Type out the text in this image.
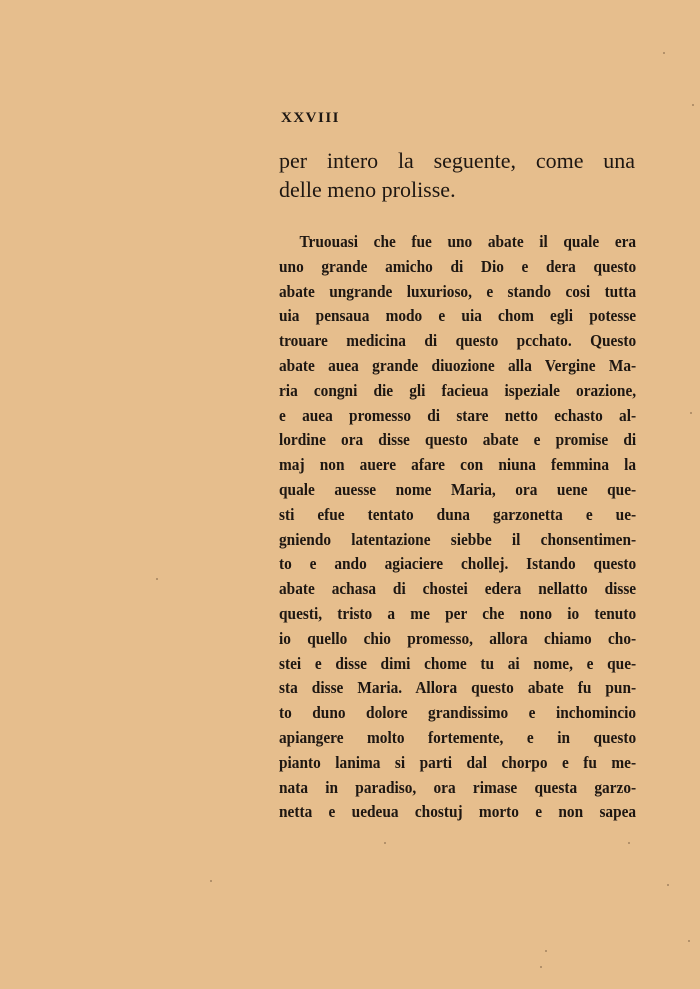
XXVIII
per intero la seguente, come una
delle meno prolisse.
Truouasi che fue uno abate il quale era
uno grande amicho di Dio e dera questo
abate ungrande luxurioso, e standо cosi tutta
uia pensaua modo e uia chom egli potesse
trouare medicina di questo pcchato. Questo
abate auea grande diuozione alla Vergine Ma-
ria congni die gli facieua ispeziale orazione,
e auea promesso di stare netto echasto al-
lordine ora disse questo abate e promise di
maj non auere afare con niuna femmina la
quale auesse nome Maria, ora uene que-
sti efue tentato duna garzonetta e ue-
gniendo latentazione siebbe il chonsentimen-
to e ando agiaciere chollej. Istando questo
abate achasa di chostei edera nellatto disse
questi, tristo a me per che nono io tenuto
io quello chio promesso, allora chiamo cho-
stei e disse dimi chome tu ai nome, e que-
sta disse Maria. Allora questo abate fu pun-
to duno dolore grandissimo e inchomincio
apiangere molto fortemente, e in questo
pianto lanima si parti dal chorpo e fu me-
nata in paradiso, ora rimase questa garzo-
netta e uedeua chostuj morto e non sapea
